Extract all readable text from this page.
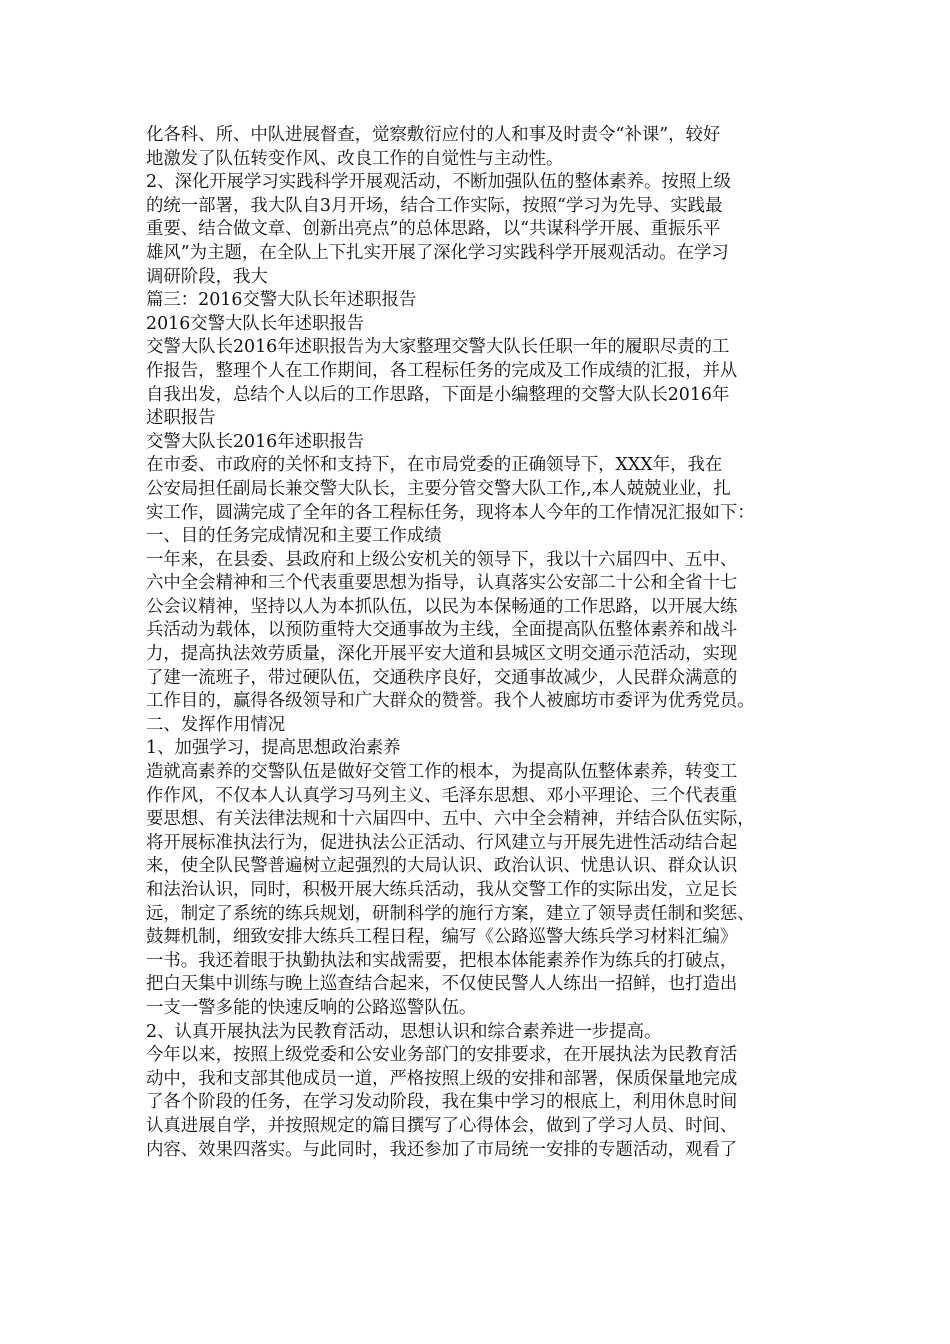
化各科、所、中队进展督查，觉察敷衍应付的人和事及时责令“补课”，较好
地激发了队伍转变作风、改良工作的自觉性与主动性。
2、深化开展学习实践科学开展观活动，不断加强队伍的整体素养。按照上级
的统一部署，我大队自3月开场，结合工作实际，按照“学习为先导、实践最
重要、结合做文章、创新出亮点”的总体思路，以“共谋科学开展、重振乐平
雄风”为主题，在全队上下扎实开展了深化学习实践科学开展观活动。在学习
调研阶段，我大
篇三：2016交警大队长年述职报告
2016交警大队长年述职报告
交警大队长2016年述职报告为大家整理交警大队长任职一年的履职尽责的工
作报告，整理个人在工作期间，各工程标任务的完成及工作成绩的汇报，并从
自我出发，总结个人以后的工作思路，下面是小编整理的交警大队长2016年
述职报告
交警大队长2016年述职报告
在市委、市政府的关怀和支持下，在市局党委的正确领导下，XXX年，我在
公安局担任副局长兼交警大队长，主要分管交警大队工作,,本人兢兢业业，扎
实工作，圆满完成了全年的各工程标任务，现将本人今年的工作情况汇报如下：
一、目的任务完成情况和主要工作成绩
一年来，在县委、县政府和上级公安机关的领导下，我以十六届四中、五中、
六中全会精神和三个代表重要思想为指导，认真落实公安部二十公和全省十七
公会议精神，坚持以人为本抓队伍，以民为本保畅通的工作思路，以开展大练
兵活动为载体，以预防重特大交通事故为主线，全面提高队伍整体素养和战斗
力，提高执法效劳质量，深化开展平安大道和县城区文明交通示范活动，实现
了建一流班子，带过硬队伍，交通秩序良好，交通事故减少，人民群众满意的
工作目的，赢得各级领导和广大群众的赞誉。我个人被廊坊市委评为优秀党员。
二、发挥作用情况
1、加强学习，提高思想政治素养
造就高素养的交警队伍是做好交管工作的根本，为提高队伍整体素养，转变工
作作风，不仅本人认真学习马列主义、毛泽东思想、邓小平理论、三个代表重
要思想、有关法律法规和十六届四中、五中、六中全会精神，并结合队伍实际，
将开展标准执法行为，促进执法公正活动、行风建立与开展先进性活动结合起
来，使全队民警普遍树立起强烈的大局认识、政治认识、忧患认识、群众认识
和法治认识，同时，积极开展大练兵活动，我从交警工作的实际出发，立足长
远，制定了系统的练兵规划，研制科学的施行方案，建立了领导责任制和奖惩、
鼓舞机制，细致安排大练兵工程日程，编写《公路巡警大练兵学习材料汇编》
一书。我还着眼于执勤执法和实战需要，把根本体能素养作为练兵的打破点，
把白天集中训练与晚上巡查结合起来，不仅使民警人人练出一招鲜，也打造出
一支一警多能的快速反响的公路巡警队伍。
2、认真开展执法为民教育活动，思想认识和综合素养进一步提高。
今年以来，按照上级党委和公安业务部门的安排要求，在开展执法为民教育活
动中，我和支部其他成员一道，严格按照上级的安排和部署，保质保量地完成
了各个阶段的任务，在学习发动阶段，我在集中学习的根底上，利用休息时间
认真进展自学，并按照规定的篇目撰写了心得体会，做到了学习人员、时间、
内容、效果四落实。与此同时，我还参加了市局统一安排的专题活动，观看了
